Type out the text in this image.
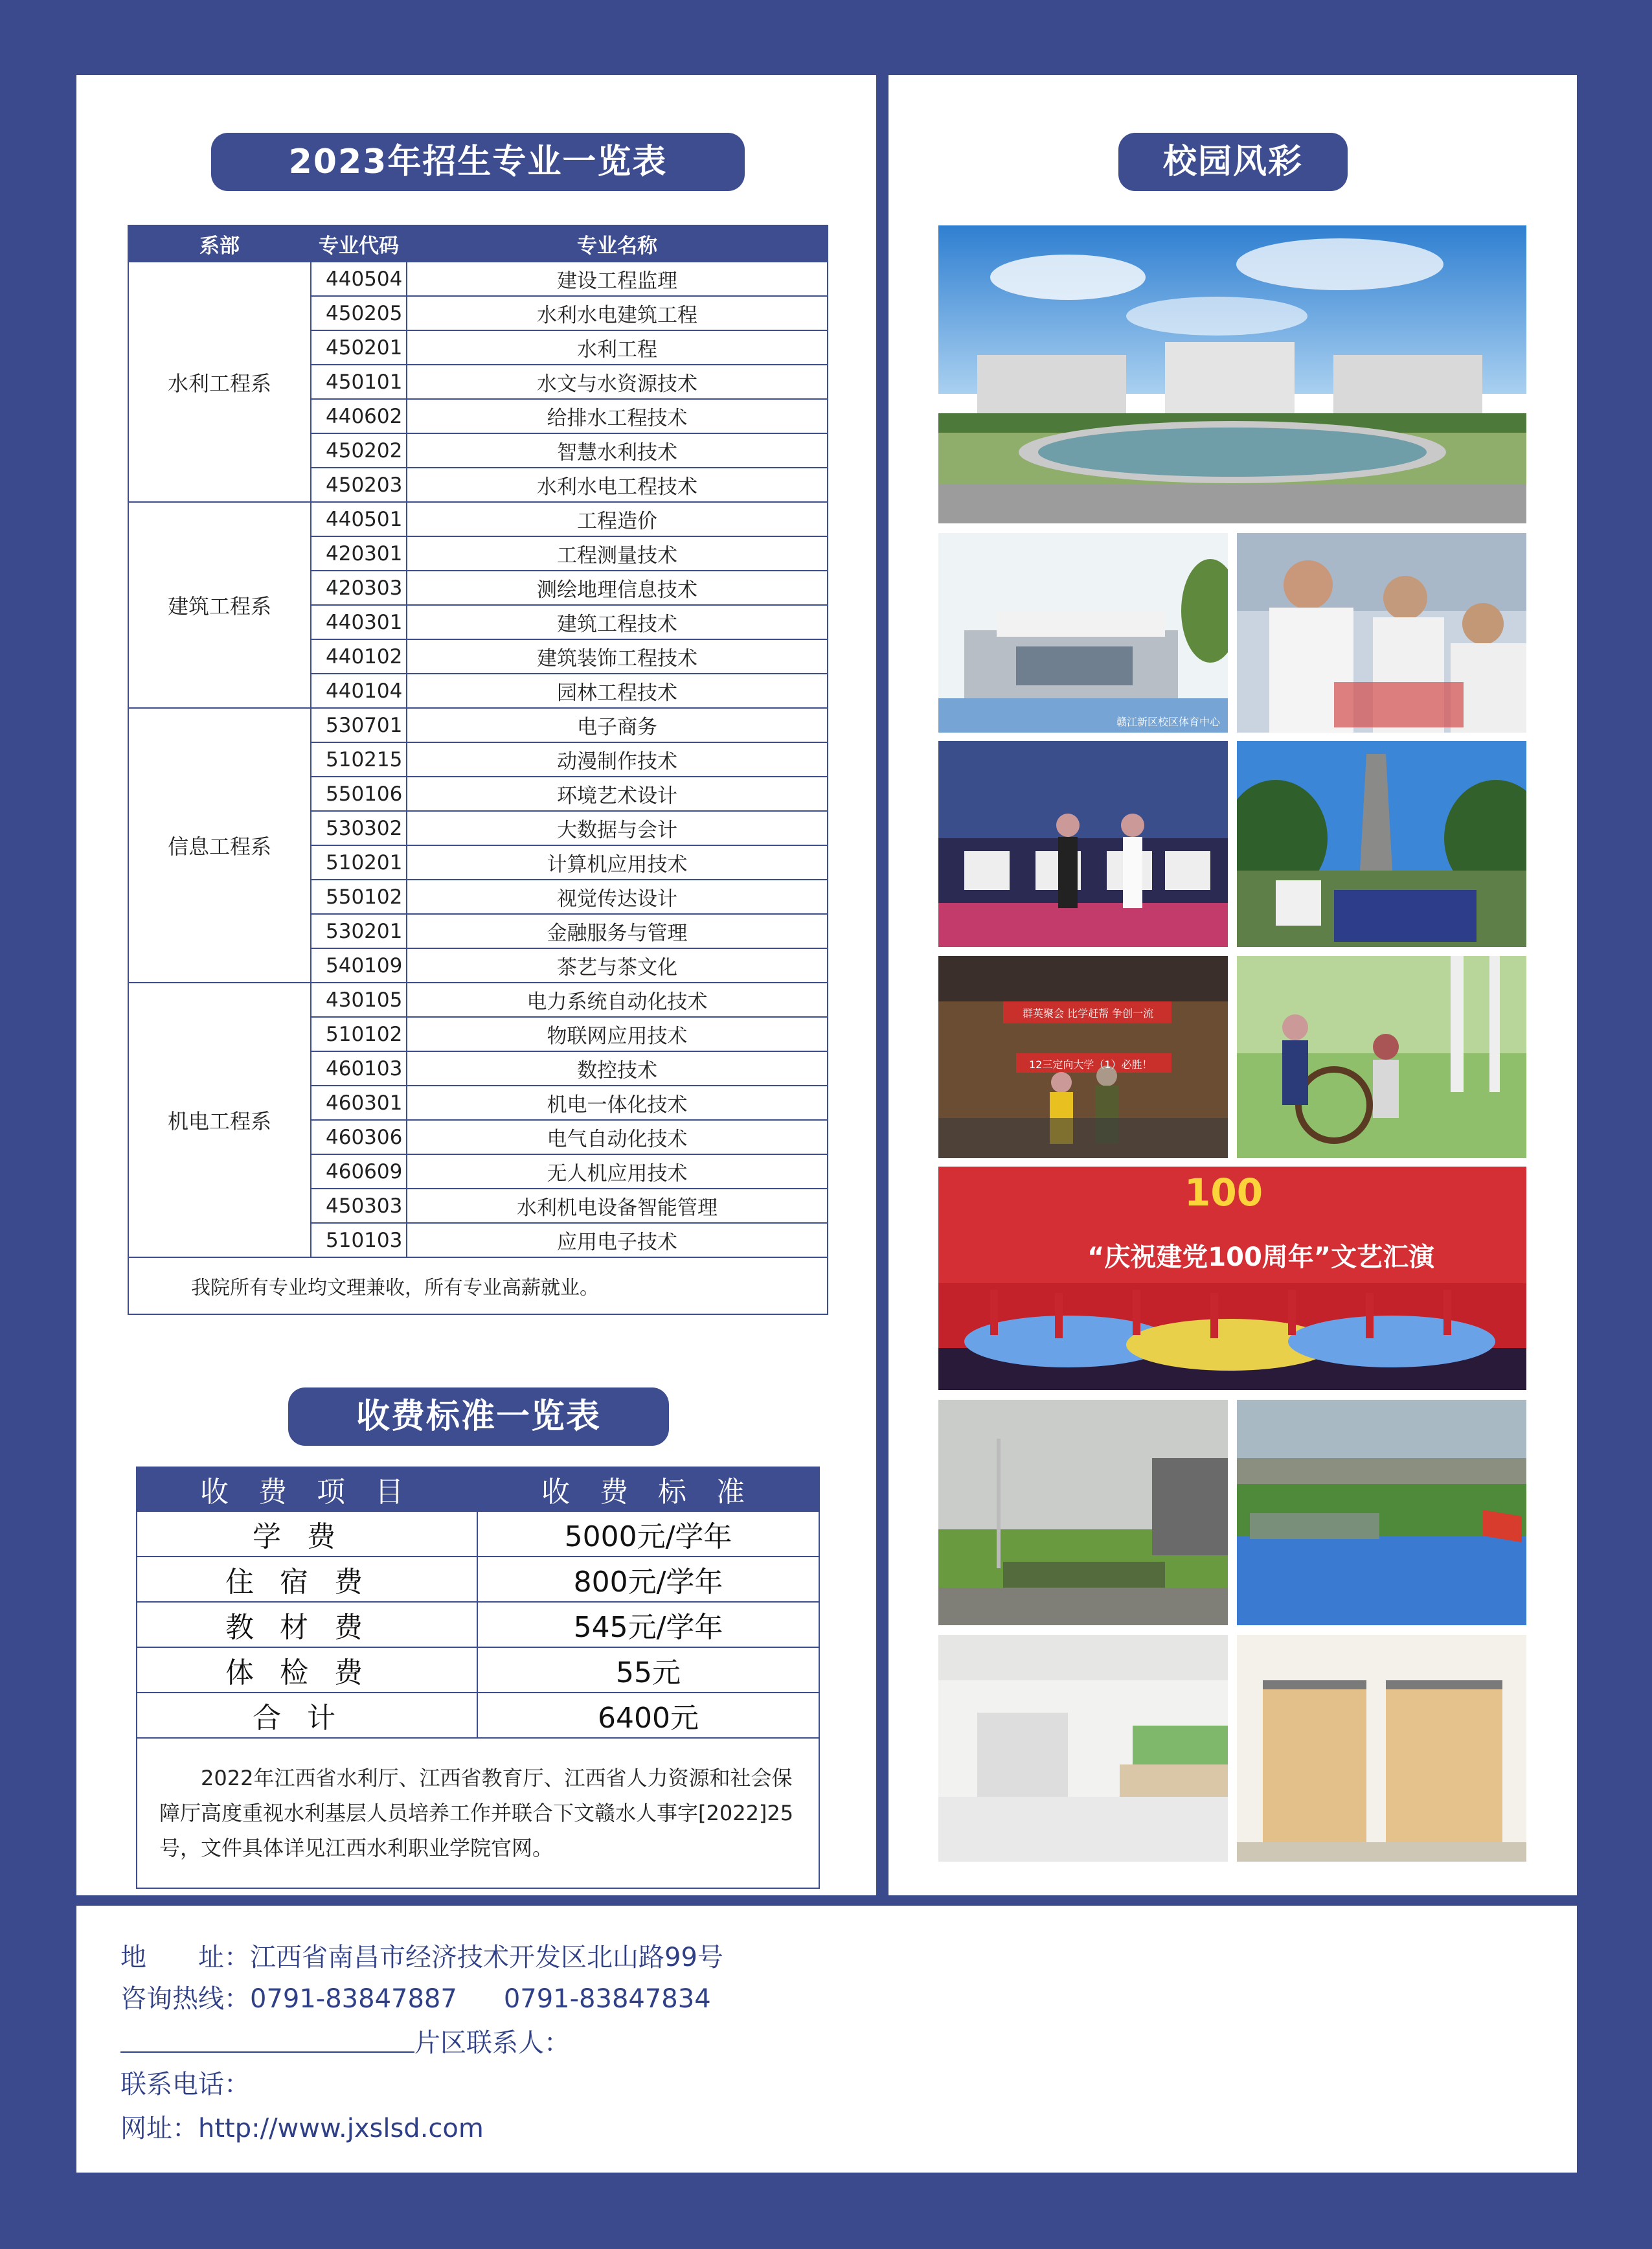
2023年招生专业一览表
系部	专业代码	专业名称
水利工程系	440504	建设工程监理
	450205	水利水电建筑工程
	450201	水利工程
	450101	水文与水资源技术
	440602	给排水工程技术
	450202	智慧水利技术
	450203	水利水电工程技术
建筑工程系	440501	工程造价
	420301	工程测量技术
	420303	测绘地理信息技术
	440301	建筑工程技术
	440102	建筑装饰工程技术
	440104	园林工程技术
信息工程系	530701	电子商务
	510215	动漫制作技术
	550106	环境艺术设计
	530302	大数据与会计
	510201	计算机应用技术
	550102	视觉传达设计
	530201	金融服务与管理
	540109	茶艺与茶文化
机电工程系	430105	电力系统自动化技术
	510102	物联网应用技术
	460103	数控技术
	460301	机电一体化技术
	460306	电气自动化技术
	460609	无人机应用技术
	450303	水利机电设备智能管理
	510103	应用电子技术
我院所有专业均文理兼收，所有专业高薪就业。		
收费标准一览表
收 费 项 目	收 费 标 准
学费	5000元/学年
住宿费	800元/学年
教材费	545元/学年
体检费	55元
合计	6400元
2022年江西省水利厅、江西省教育厅、江西省人力资源和社会保障厅高度重视水利基层人员培养工作并联合下文赣水人事字[2022]25号，文件具体详见江西水利职业学院官网。	
校园风彩
赣江新区校区体育中心
群英聚会 比学赶帮 争创一流
12三定向大学（1）必胜！
100
“庆祝建党100周年”文艺汇演
地　　址：江西省南昌市经济技术开发区北山路99号
咨询热线：0791-83847887 0791-83847834
片区联系人：
联系电话：
网址：http://www.jxslsd.com
